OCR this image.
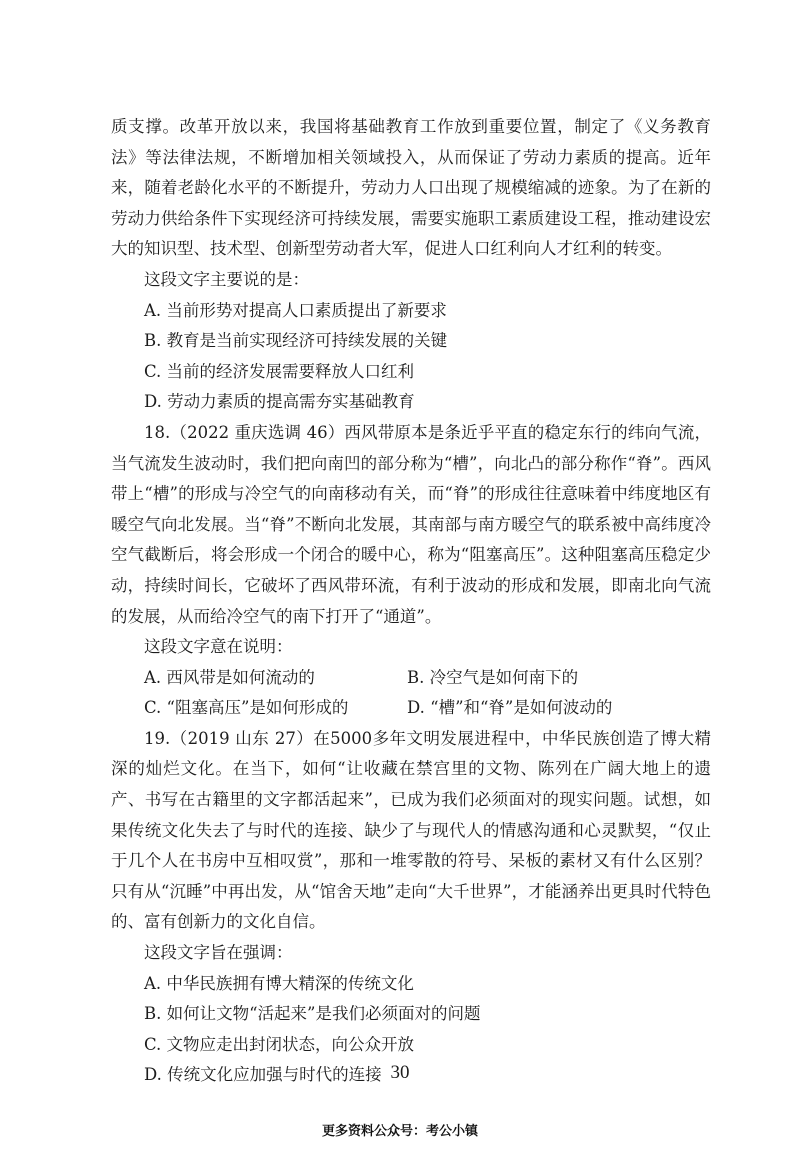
质支撑。改革开放以来，我国将基础教育工作放到重要位置，制定了《义务教育法》等法律法规，不断增加相关领域投入，从而保证了劳动力素质的提高。近年来，随着老龄化水平的不断提升，劳动力人口出现了规模缩减的迹象。为了在新的劳动力供给条件下实现经济可持续发展，需要实施职工素质建设工程，推动建设宏大的知识型、技术型、创新型劳动者大军，促进人口红利向人才红利的转变。

这段文字主要说的是：
A. 当前形势对提高人口素质提出了新要求
B. 教育是当前实现经济可持续发展的关键
C. 当前的经济发展需要释放人口红利
D. 劳动力素质的提高需夯实基础教育

18.（2022 重庆选调 46）西风带原本是条近乎平直的稳定东行的纬向气流，当气流发生波动时，我们把向南凹的部分称为“槽”，向北凸的部分称作“脊”。西风带上“槽”的形成与冷空气的向南移动有关，而“脊”的形成往往意味着中纬度地区有暖空气向北发展。当“脊”不断向北发展，其南部与南方暖空气的联系被中高纬度冷空气截断后，将会形成一个闭合的暖中心，称为“阻塞高压”。这种阻塞高压稳定少动，持续时间长，它破坏了西风带环流，有利于波动的形成和发展，即南北向气流的发展，从而给冷空气的南下打开了“通道”。

这段文字意在说明：
A. 西风带是如何流动的	B. 冷空气是如何南下的
C. “阻塞高压”是如何形成的	D. “槽”和“脊”是如何波动的

19.（2019 山东 27）在5000多年文明发展进程中，中华民族创造了博大精深的灿烂文化。在当下，如何“让收藏在禁宫里的文物、陈列在广阔大地上的遗产、书写在古籍里的文字都活起来”，已成为我们必须面对的现实问题。试想，如果传统文化失去了与时代的连接、缺少了与现代人的情感沟通和心灵默契，“仅止于几个人在书房中互相叹赏”，那和一堆零散的符号、呆板的素材又有什么区别？只有从“沉睡”中再出发，从“馆舍天地”走向“大千世界”，才能涵养出更具时代特色的、富有创新力的文化自信。

这段文字旨在强调：
A. 中华民族拥有博大精深的传统文化
B. 如何让文物“活起来”是我们必须面对的问题
C. 文物应走出封闭状态，向公众开放
D. 传统文化应加强与时代的连接 30
更多资料公众号：考公小镇
